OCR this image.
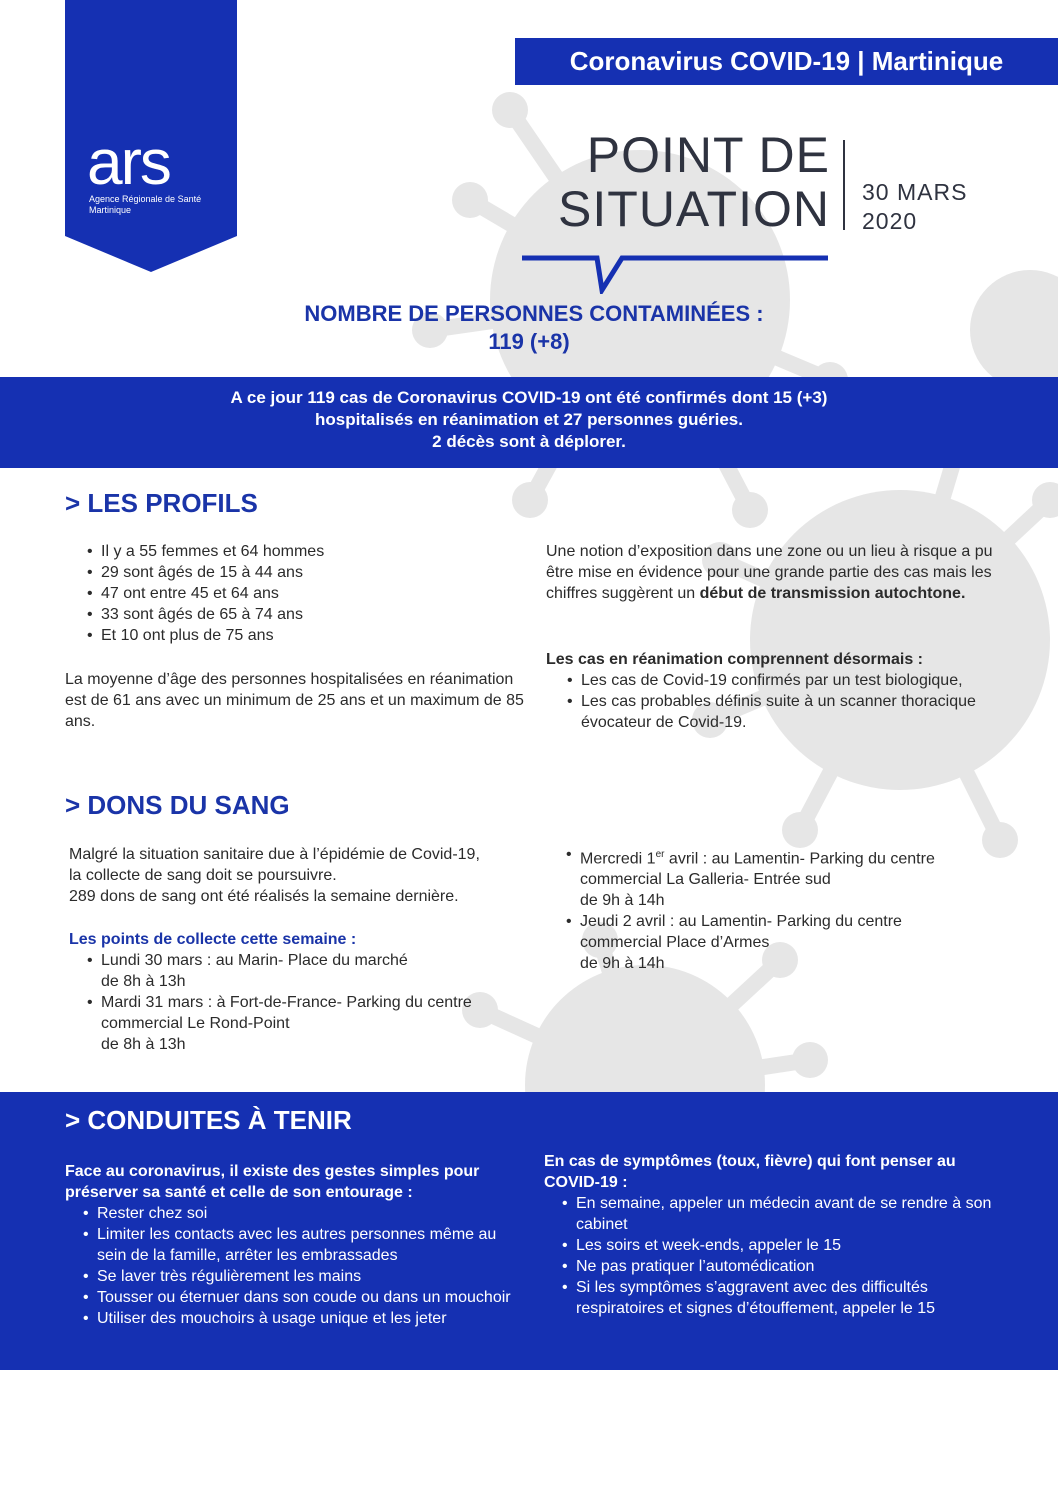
ars
Agence Régionale de Santé
Martinique
Coronavirus COVID-19 | Martinique
POINT DE
SITUATION 30 MARS
2020
NOMBRE DE PERSONNES CONTAMINÉES :
119 (+8)
A ce jour 119 cas de Coronavirus COVID-19 ont été confirmés dont 15 (+3)
hospitalisés en réanimation et 27 personnes guéries.
2 décès sont à déplorer.
> LES PROFILS
• Il y a 55 femmes et 64 hommes
• 29 sont âgés de 15 à 44 ans
• 47 ont entre 45 et 64 ans
• 33 sont âgés de 65 à 74 ans
• Et 10 ont plus de 75 ans
La moyenne d’âge des personnes hospitalisées en réanimation est de 61 ans avec un minimum de 25 ans et un maximum de 85 ans.
Une notion d’exposition dans une zone ou un lieu à risque a pu être mise en évidence pour une grande partie des cas mais les chiffres suggèrent un début de transmission autochtone.
Les cas en réanimation comprennent désormais :
• Les cas de Covid-19 confirmés par un test biologique,
• Les cas probables définis suite à un scanner thoracique évocateur de Covid-19.
> DONS DU SANG
Malgré la situation sanitaire due à l’épidémie de Covid-19,
la collecte de sang doit se poursuivre.
289 dons de sang ont été réalisés la semaine dernière.
Les points de collecte cette semaine :
• Lundi 30 mars : au Marin- Place du marché
de 8h à 13h
• Mardi 31 mars : à Fort-de-France- Parking du centre
commercial Le Rond-Point
de 8h à 13h
• Mercredi 1er avril : au Lamentin- Parking du centre
commercial La Galleria- Entrée sud
de 9h à 14h
• Jeudi 2 avril : au Lamentin- Parking du centre
commercial Place d’Armes
de 9h à 14h
> CONDUITES À TENIR
Face au coronavirus, il existe des gestes simples pour préserver sa santé et celle de son entourage :
• Rester chez soi
• Limiter les contacts avec les autres personnes même au sein de la famille, arrêter les embrassades
• Se laver très régulièrement les mains
• Tousser ou éternuer dans son coude ou dans un mouchoir
• Utiliser des mouchoirs à usage unique et les jeter
En cas de symptômes (toux, fièvre) qui font penser au COVID-19 :
• En semaine, appeler un médecin avant de se rendre à son cabinet
• Les soirs et week-ends, appeler le 15
• Ne pas pratiquer l’automédication
• Si les symptômes s’aggravent avec des difficultés respiratoires et signes d’étouffement, appeler le 15
